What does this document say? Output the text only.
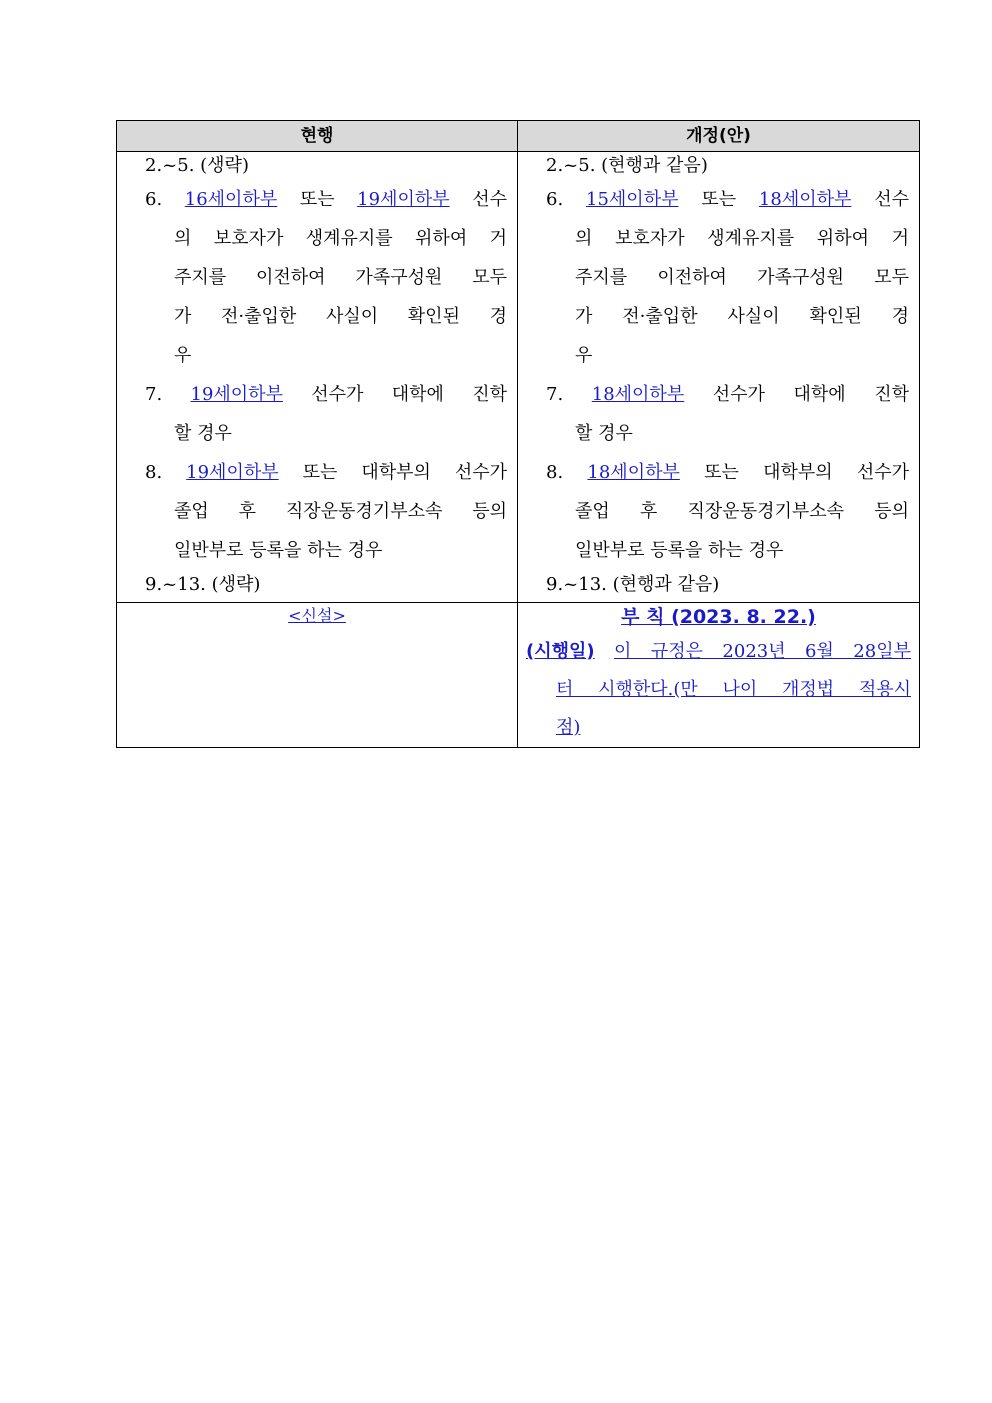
현행	개정(안)
2.~5. (생략)
6. 16세이하부 또는 19세이하부 선수
의 보호자가 생계유지를 위하여 거
주지를 이전하여 가족구성원 모두
가 전·출입한 사실이 확인된 경
우
7. 19세이하부 선수가 대학에 진학
할 경우
8. 19세이하부 또는 대학부의 선수가
졸업 후 직장운동경기부소속 등의
일반부로 등록을 하는 경우
9.~13. (생략)
2.~5. (현행과 같음)
6. 15세이하부 또는 18세이하부 선수
의 보호자가 생계유지를 위하여 거
주지를 이전하여 가족구성원 모두
가 전·출입한 사실이 확인된 경
우
7. 18세이하부 선수가 대학에 진학
할 경우
8. 18세이하부 또는 대학부의 선수가
졸업 후 직장운동경기부소속 등의
일반부로 등록을 하는 경우
9.~13. (현행과 같음)
<신설>	부 칙 (2023. 8. 22.)
(시행일) 이 규정은 2023년 6월 28일부
터 시행한다.(만 나이 개정법 적용시
점)
